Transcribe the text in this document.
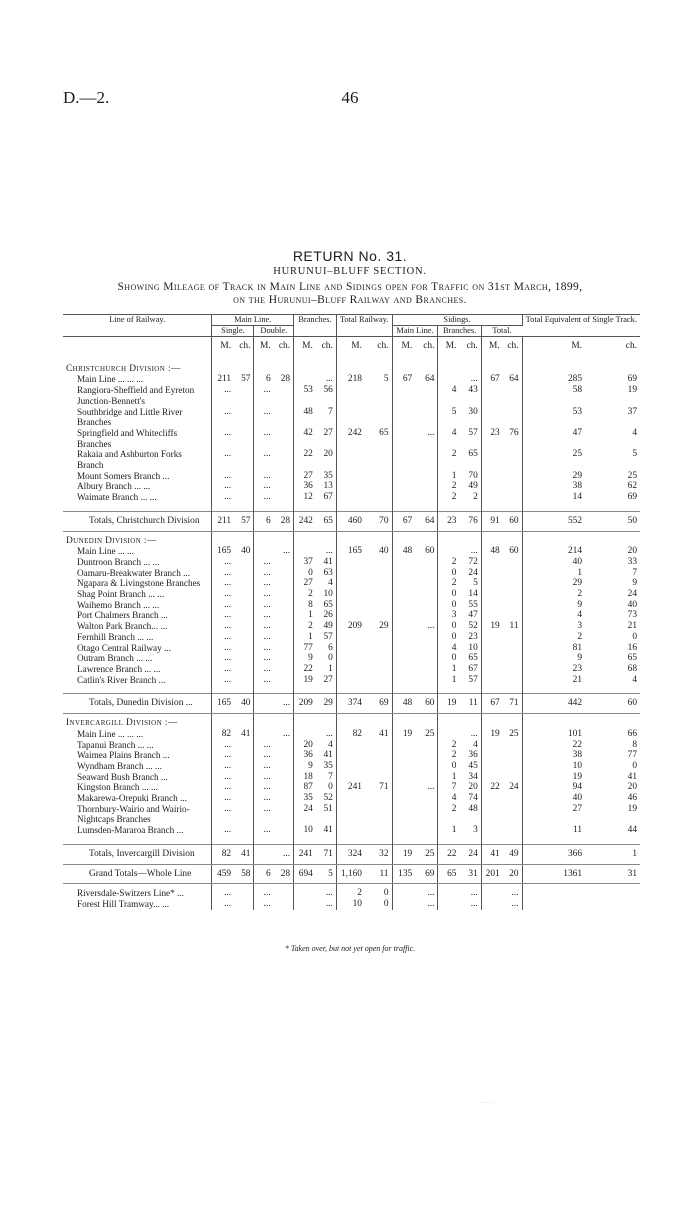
D.—2.	46
RETURN No. 31.
HURUNUI–BLUFF SECTION.
Showing Mileage of Track in Main Line and Sidings open for Traffic on 31st March, 1899,
on the Hurunui–Bluff Railway and Branches.
Line of Railway.	Main Line.				Branches.		Total Railway.		Sidings.						Total Equivalent of Single Track.	
	Single.		Double.						Main Line.		Branches.		Total.			
	M.	ch.	M.	ch.	M.	ch.	M.	ch.	M.	ch.	M.	ch.	M.	ch.	M.	ch.

Christchurch Division :—																
Main Line ... ... ...	211	57	6	28		...	218	5	67	64		...	67	64	285	69
Rangiora-Sheffield and Eyreton Junction-Bennett's	...		...		53	56					4	43			58	19
Southbridge and Little River Branches	...		...		48	7					5	30			53	37
Springfield and Whitecliffs Branches	...		...		42	27	242	65		...	4	57	23	76	47	4
Rakaia and Ashburton Forks Branch	...		...		22	20					2	65			25	5
Mount Somers Branch ...	...		...		27	35					1	70			29	25
Albury Branch ... ...	...		...		36	13					2	49			38	62
Waimate Branch ... ...	...		...		12	67					2	2			14	69

Totals, Christchurch Division	211	57	6	28	242	65	460	70	67	64	23	76	91	60	552	50
Dunedin Division :—																
Main Line ... ...	165	40		...		...	165	40	48	60		...	48	60	214	20
Duntroon Branch ... ...	...		...		37	41					2	72			40	33
Oamaru-Breakwater Branch ...	...		...		0	63					0	24			1	7
Ngapara & Livingstone Branches	...		...		27	4					2	5			29	9
Shag Point Branch ... ...	...		...		2	10					0	14			2	24
Waihemo Branch ... ...	...		...		8	65					0	55			9	40
Port Chalmers Branch ...	...		...		1	26					3	47			4	73
Walton Park Branch... ...	...		...		2	49	209	29		...	0	52	19	11	3	21
Fernhill Branch ... ...	...		...		1	57					0	23			2	0
Otago Central Railway ...	...		...		77	6					4	10			81	16
Outram Branch ... ...	...		...		9	0					0	65			9	65
Lawrence Branch ... ...	...		...		22	1					1	67			23	68
Catlin's River Branch ...	...		...		19	27					1	57			21	4

Totals, Dunedin Division ...	165	40		...	209	29	374	69	48	60	19	11	67	71	442	60
Invercargill Division :—																
Main Line ... ... ...	82	41		...		...	82	41	19	25		...	19	25	101	66
Tapanui Branch ... ...	...		...		20	4					2	4			22	8
Waimea Plains Branch ...	...		...		36	41					2	36			38	77
Wyndham Branch ... ...	...		...		9	35					0	45			10	0
Seaward Bush Branch ...	...		...		18	7					1	34			19	41
Kingston Branch ... ...	...		...		87	0	241	71		...	7	20	22	24	94	20
Makarewa-Orepuki Branch ...	...		...		35	52					4	74			40	46
Thornbury-Wairio and Wairio-Nightcaps Branches	...		...		24	51					2	48			27	19
Lumsden-Mararoa Branch ...	...		...		10	41					1	3			11	44

Totals, Invercargill Division	82	41		...	241	71	324	32	19	25	22	24	41	49	366	1
Grand Totals—Whole Line	459	58	6	28	694	5	1,160	11	135	69	65	31	201	20	1361	31
Riversdale-Switzers Line* ...	...		...			...	2	0		...		...		...		
Forest Hill Tramway... ...	...		...			...	10	0		...		...		...		
* Taken over, but not yet open for traffic.
. . . .
